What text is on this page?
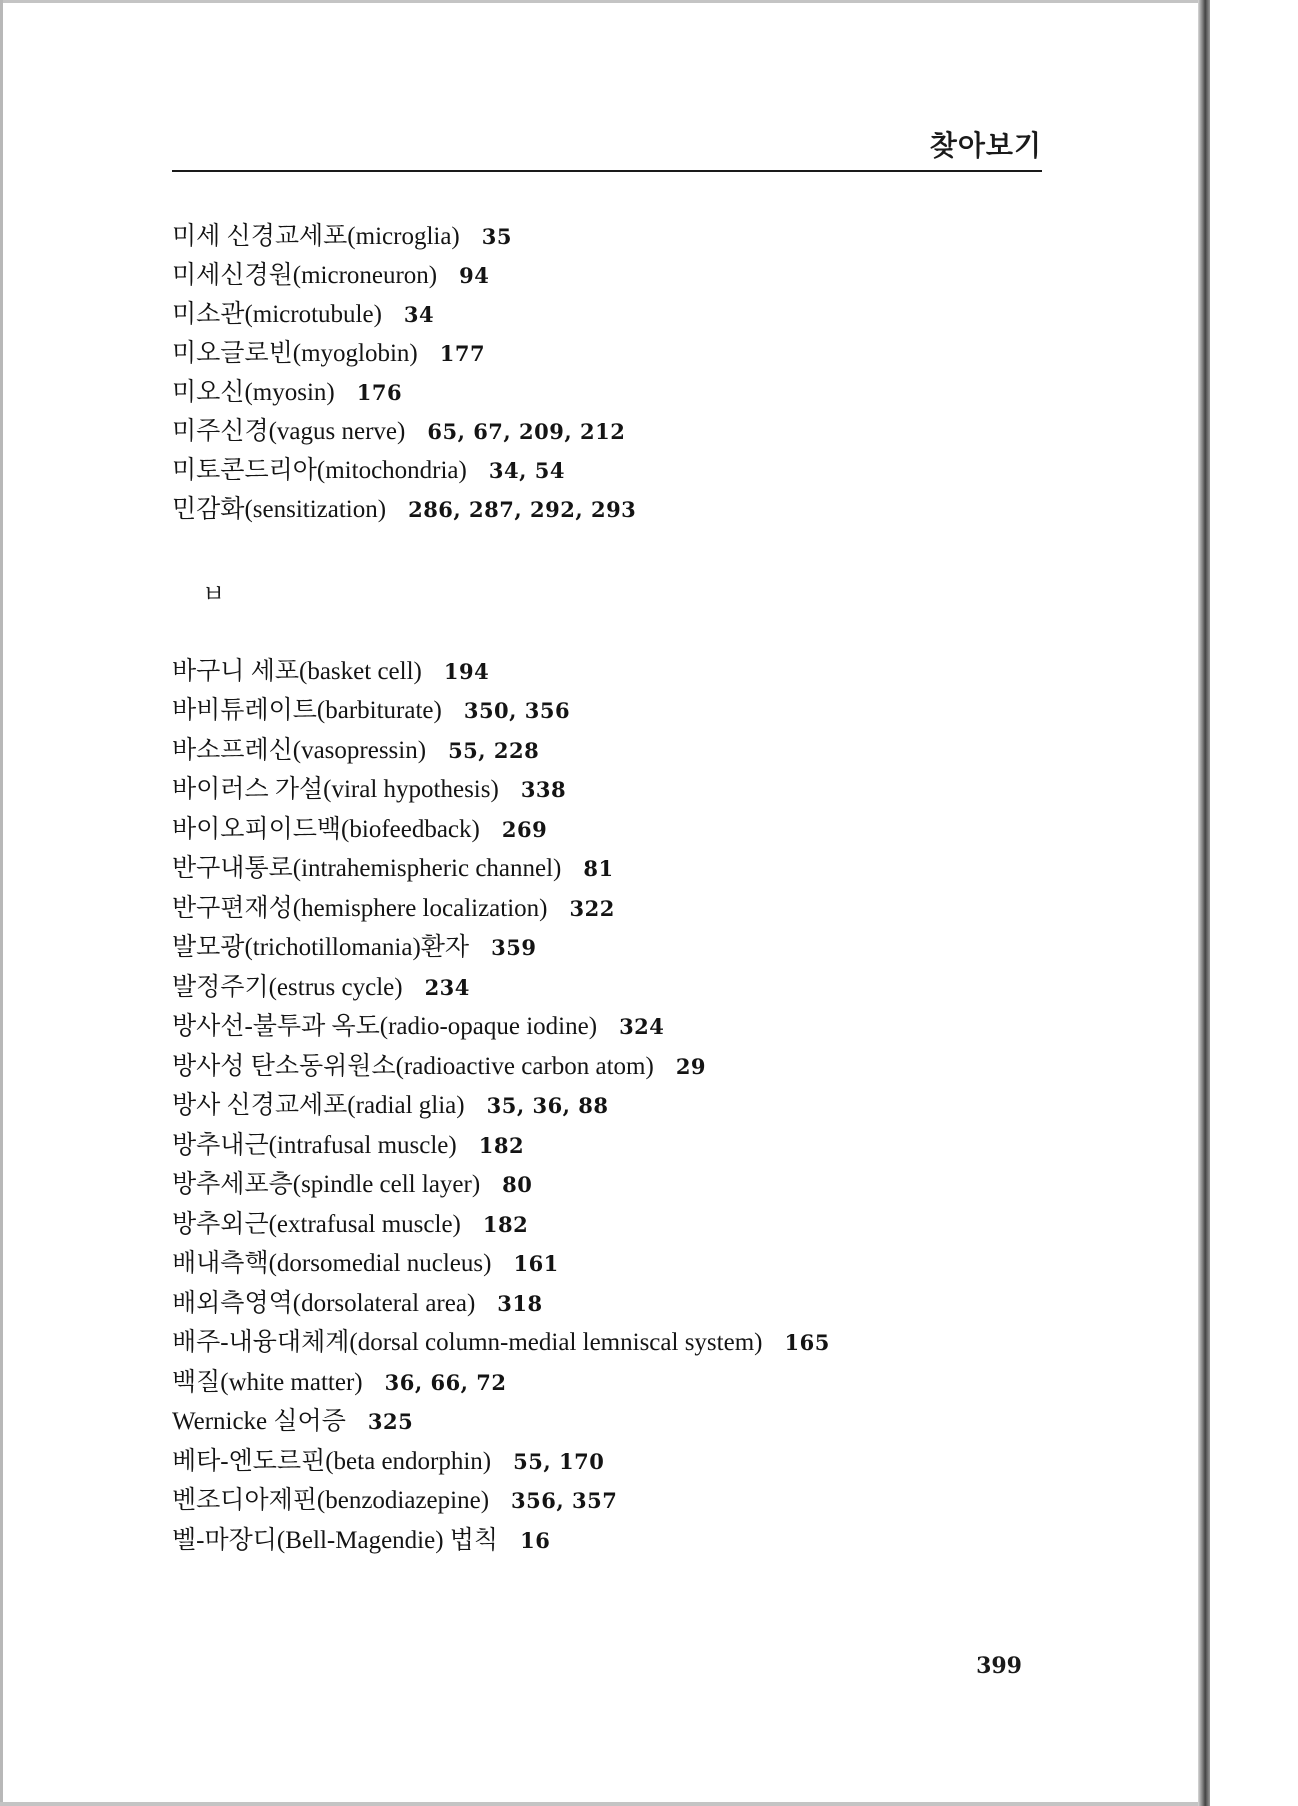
찾아보기
미세 신경교세포(microglia) 35
미세신경원(microneuron) 94
미소관(microtubule) 34
미오글로빈(myoglobin) 177
미오신(myosin) 176
미주신경(vagus nerve) 65, 67, 209, 212
미토콘드리아(mitochondria) 34, 54
민감화(sensitization) 286, 287, 292, 293
ㅂ
바구니 세포(basket cell) 194
바비튜레이트(barbiturate) 350, 356
바소프레신(vasopressin) 55, 228
바이러스 가설(viral hypothesis) 338
바이오피이드백(biofeedback) 269
반구내통로(intrahemispheric channel) 81
반구편재성(hemisphere localization) 322
발모광(trichotillomania)환자 359
발정주기(estrus cycle) 234
방사선-불투과 옥도(radio-opaque iodine) 324
방사성 탄소동위원소(radioactive carbon atom) 29
방사 신경교세포(radial glia) 35, 36, 88
방추내근(intrafusal muscle) 182
방추세포층(spindle cell layer) 80
방추외근(extrafusal muscle) 182
배내측핵(dorsomedial nucleus) 161
배외측영역(dorsolateral area) 318
배주-내융대체계(dorsal column-medial lemniscal system) 165
백질(white matter) 36, 66, 72
Wernicke 실어증 325
베타-엔도르핀(beta endorphin) 55, 170
벤조디아제핀(benzodiazepine) 356, 357
벨-마장디(Bell-Magendie) 법칙 16
399
